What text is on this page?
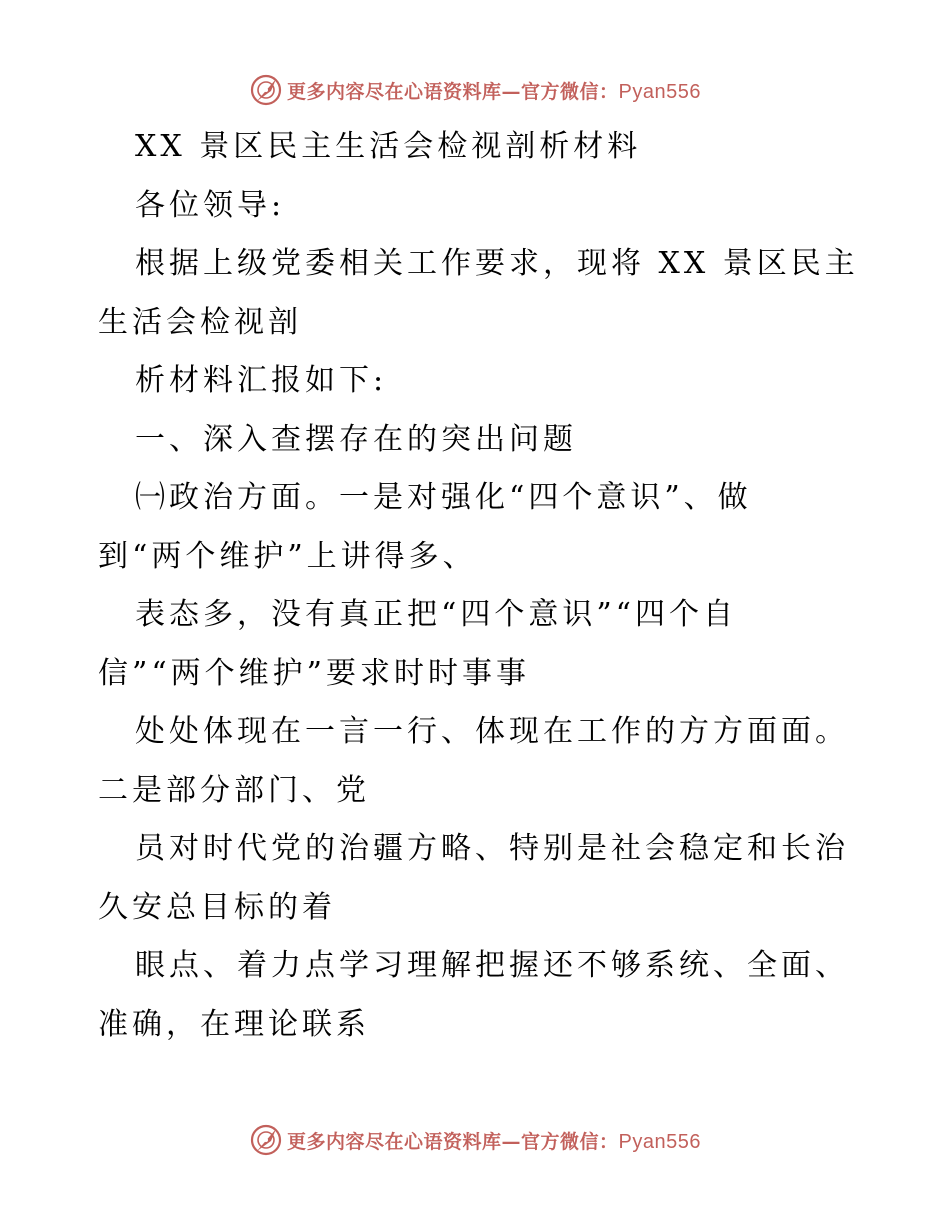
更多内容尽在心语资料库—官方微信：Pyan556
XX 景区民主生活会检视剖析材料
各位领导:
根据上级党委相关工作要求，现将 XX 景区民主
生活会检视剖
析材料汇报如下:
一、深入查摆存在的突出问题
㈠政治方面。一是对强化“四个意识”、做
到“两个维护”上讲得多、
表态多，没有真正把“四个意识”“四个自
信”“两个维护”要求时时事事
处处体现在一言一行、体现在工作的方方面面。
二是部分部门、党
员对时代党的治疆方略、特别是社会稳定和长治
久安总目标的着
眼点、着力点学习理解把握还不够系统、全面、
准确，在理论联系
更多内容尽在心语资料库—官方微信：Pyan556
